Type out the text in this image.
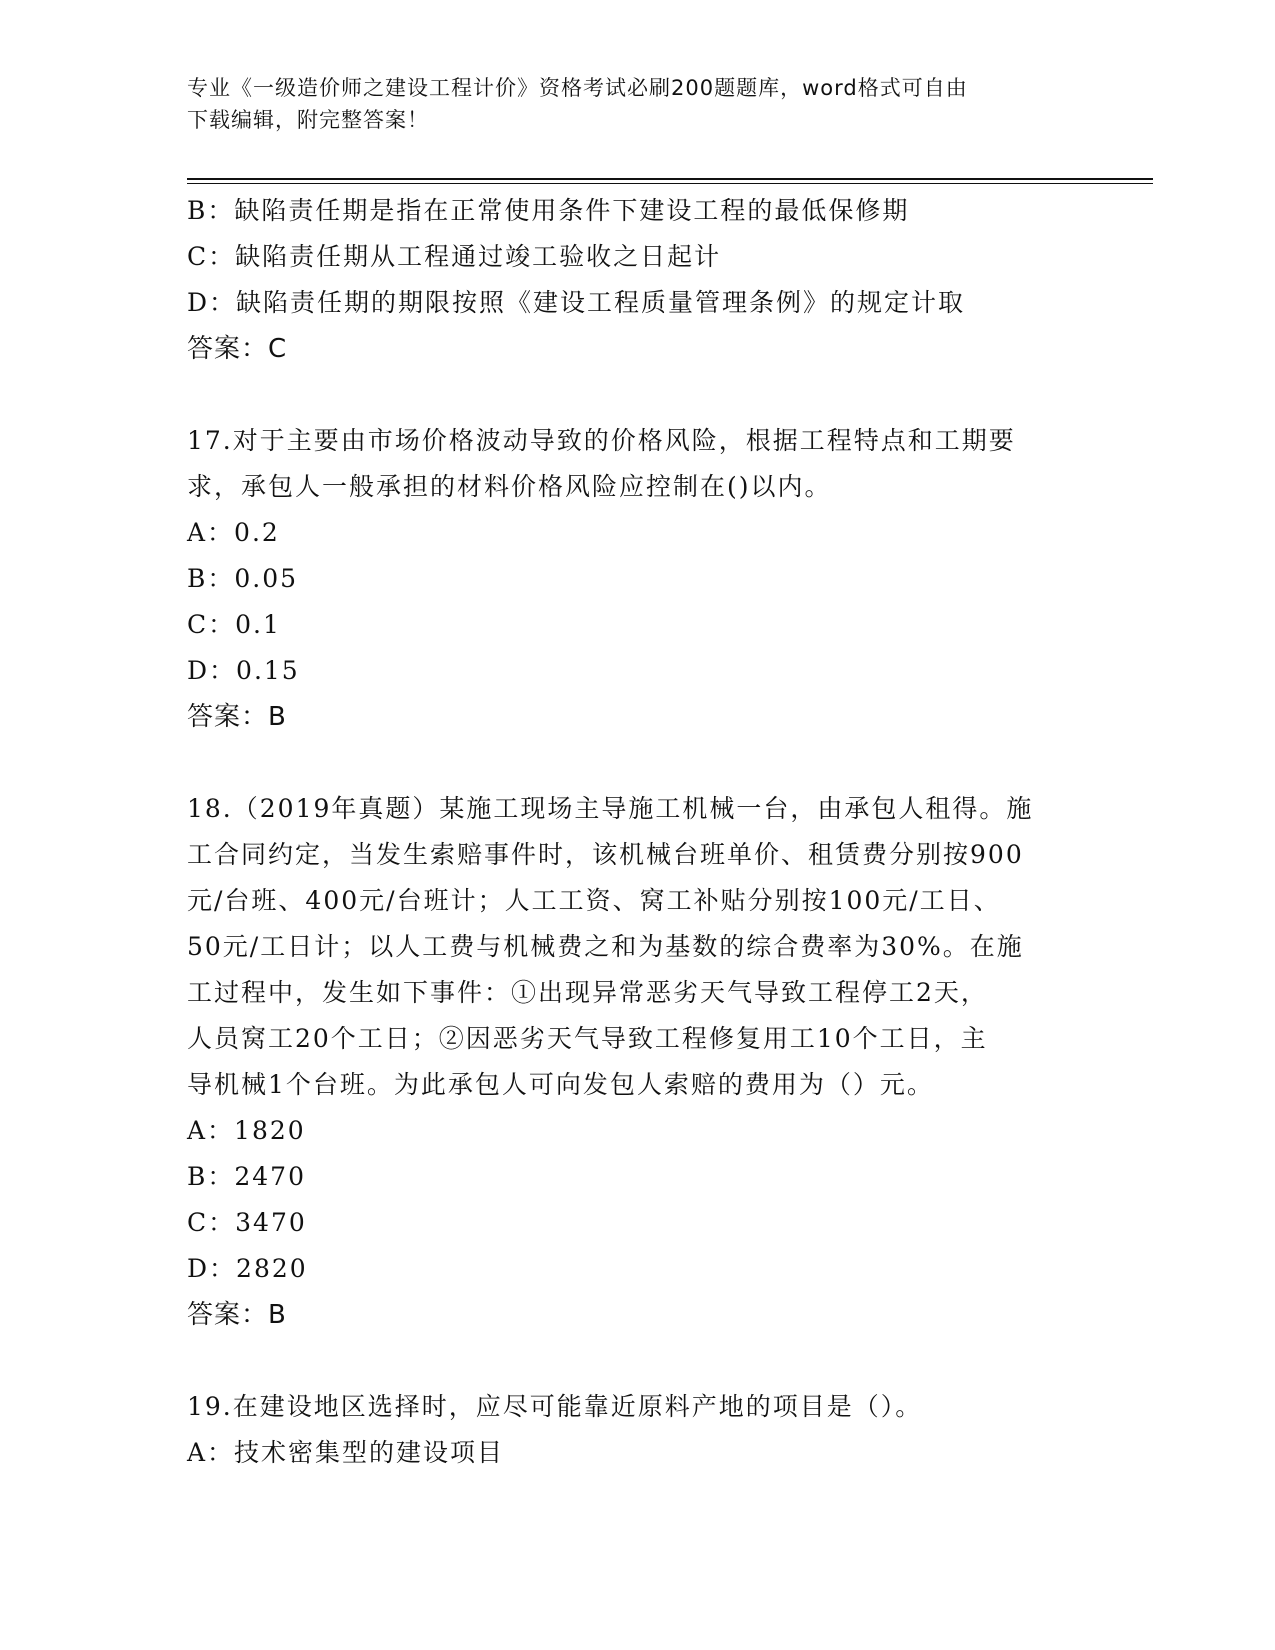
专业《一级造价师之建设工程计价》资格考试必刷200题题库，word格式可自由
下载编辑，附完整答案！
B：缺陷责任期是指在正常使用条件下建设工程的最低保修期
C：缺陷责任期从工程通过竣工验收之日起计
D：缺陷责任期的期限按照《建设工程质量管理条例》的规定计取
答案：C
17.对于主要由市场价格波动导致的价格风险，根据工程特点和工期要
求，承包人一般承担的材料价格风险应控制在()以内。
A：0.2
B：0.05
C：0.1
D：0.15
答案：B
18.（2019年真题）某施工现场主导施工机械一台，由承包人租得。施
工合同约定，当发生索赔事件时，该机械台班单价、租赁费分别按900
元/台班、400元/台班计；人工工资、窝工补贴分别按100元/工日、
50元/工日计；以人工费与机械费之和为基数的综合费率为30%。在施
工过程中，发生如下事件：①出现异常恶劣天气导致工程停工2天，
人员窝工20个工日；②因恶劣天气导致工程修复用工10个工日，主
导机械1个台班。为此承包人可向发包人索赔的费用为（）元。
A：1820
B：2470
C：3470
D：2820
答案：B
19.在建设地区选择时，应尽可能靠近原料产地的项目是（）。
A：技术密集型的建设项目
